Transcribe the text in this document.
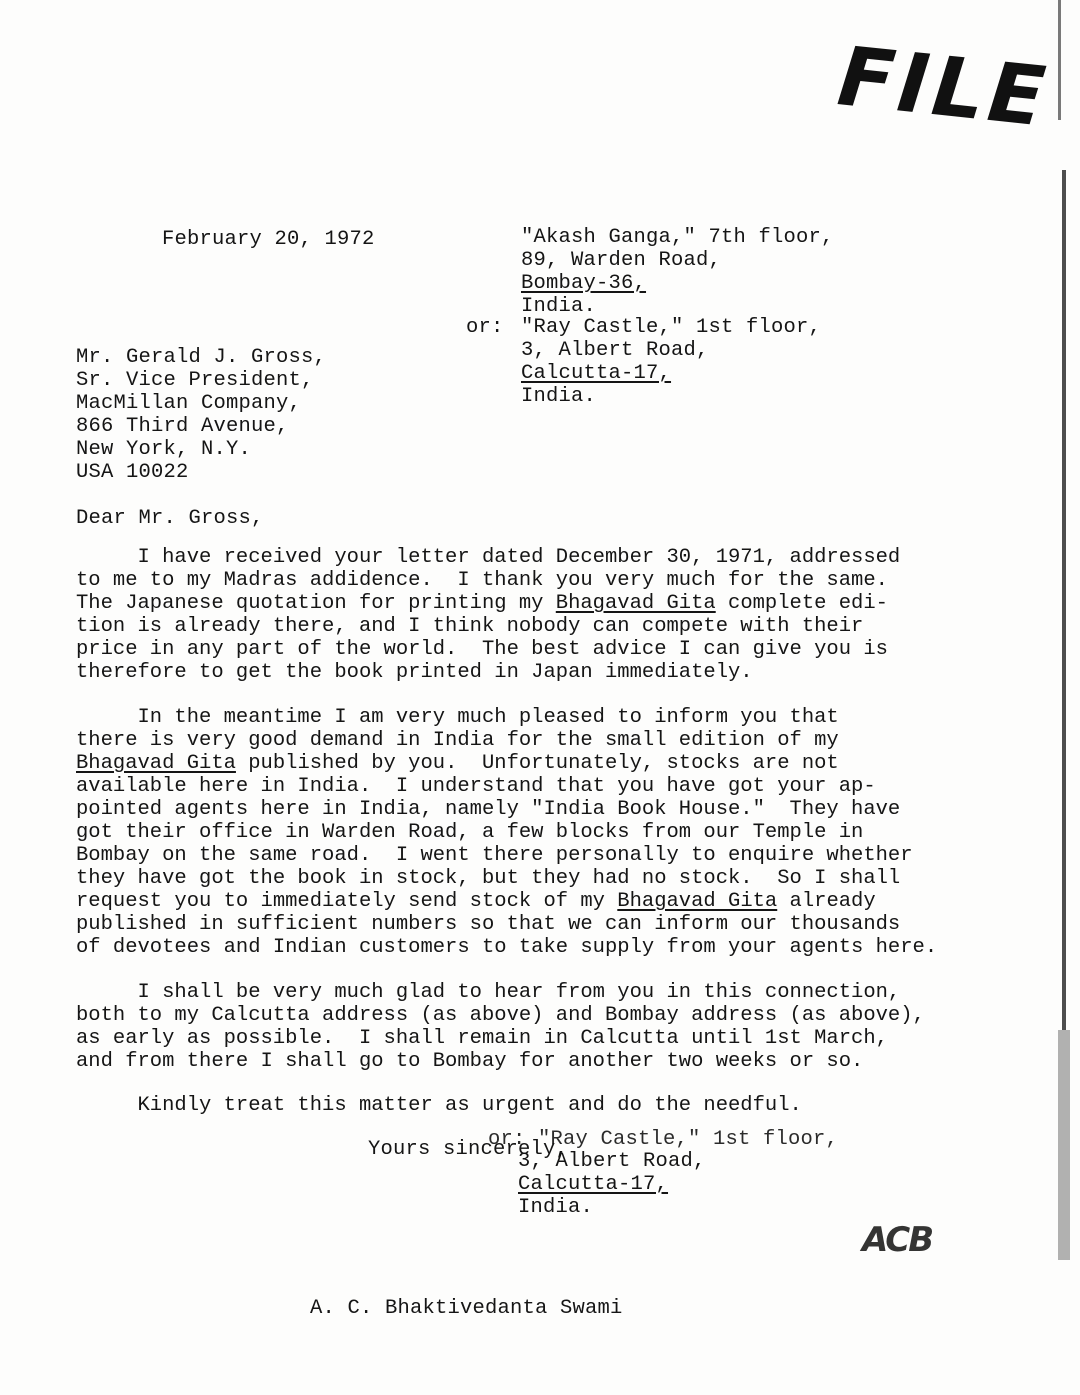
FILE
February 20, 1972	"Akash Ganga," 7th floor,
89, Warden Road,
Bombay-36,
India.
or: "Ray Castle," 1st floor,
3, Albert Road,
Calcutta-17,
India.
Mr. Gerald J. Gross,
Sr. Vice President,
MacMillan Company,
866 Third Avenue,
New York, N.Y.
USA 10022
Dear Mr. Gross,
I have received your letter dated December 30, 1971, addressed
to me to my Madras addidence.  I thank you very much for the same.
The Japanese quotation for printing my Bhagavad Gita complete edi-
tion is already there, and I think nobody can compete with their
price in any part of the world.  The best advice I can give you is
therefore to get the book printed in Japan immediately.
In the meantime I am very much pleased to inform you that
there is very good demand in India for the small edition of my
Bhagavad Gita published by you.  Unfortunately, stocks are not
available here in India.  I understand that you have got your ap-
pointed agents here in India, namely "India Book House."  They have
got their office in Warden Road, a few blocks from our Temple in
Bombay on the same road.  I went there personally to enquire whether
they have got the book in stock, but they had no stock.  So I shall
request you to immediately send stock of my Bhagavad Gita already
published in sufficient numbers so that we can inform our thousands
of devotees and Indian customers to take supply from your agents here.
I shall be very much glad to hear from you in this connection,
both to my Calcutta address (as above) and Bombay address (as above),
as early as possible.  I shall remain in Calcutta until 1st March,
and from there I shall go to Bombay for another two weeks or so.
Kindly treat this matter as urgent and do the needful.
Yours sincerely,
or: "Ray Castle," 1st floor,
3, Albert Road,
Calcutta-17,
India.
ACB
A. C. Bhaktivedanta Swami
